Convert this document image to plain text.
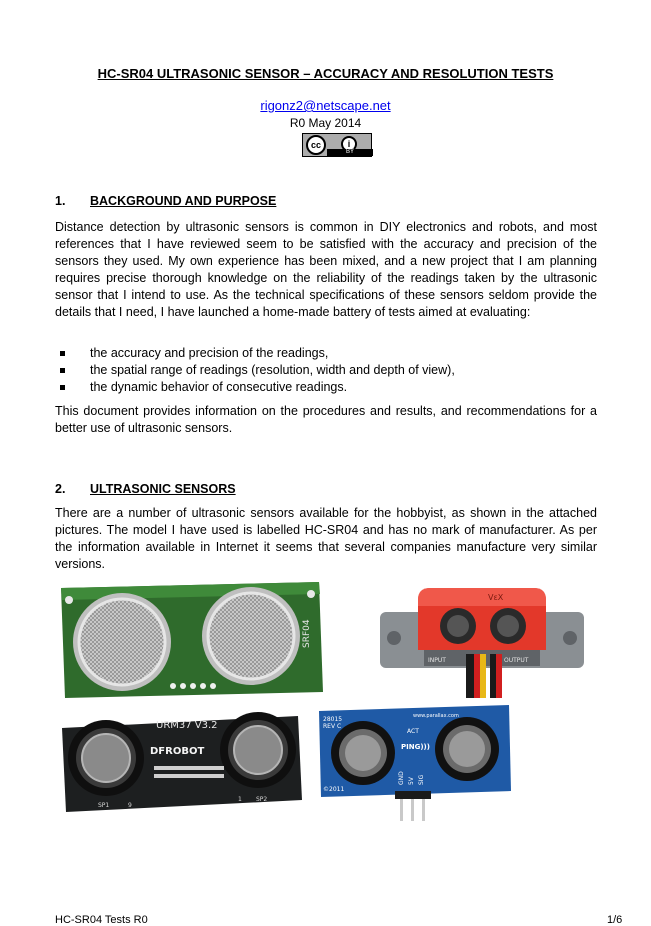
HC-SR04 ULTRASONIC SENSOR – ACCURACY AND RESOLUTION TESTS
rigonz2@netscape.net
R0 May 2014
cc	i
BY
1. BACKGROUND AND PURPOSE
Distance detection by ultrasonic sensors is common in DIY electronics and robots, and most references that I have reviewed seem to be satisfied with the accuracy and precision of the sensors they used. My own experience has been mixed, and a new project that I am planning requires precise thorough knowledge on the reliability of the readings taken by the ultrasonic sensor that I intend to use. As the technical specifications of these sensors seldom provide the details that I need, I have launched a home-made battery of tests aimed at evaluating:
the accuracy and precision of the readings,
the spatial range of readings (resolution, width and depth of view),
the dynamic behavior of consecutive readings.
This document provides information on the procedures and results, and recommendations for a better use of ultrasonic sensors.
2. ULTRASONIC SENSORS
There are a number of ultrasonic sensors available for the hobbyist, as shown in the attached pictures. The model I have used is labelled HC-SR04 and has no mark of manufacturer. As per the information available in Internet it seems that several companies manufacture very similar versions.
SRF04
VɛX
INPUT	OUTPUT
URM37 V3.2
DFROBOT
SP1	9
1 SP2
28015
REV C
www.parallax.com
ACT
PING)))
©2011
GND 5V SIG
HC-SR04 Tests R0	1/6
